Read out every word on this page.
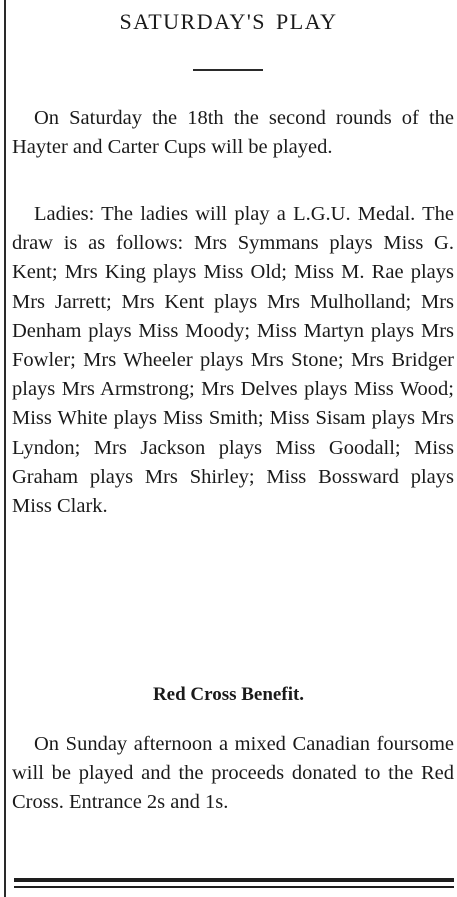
SATURDAY'S PLAY

On Saturday the 18th the second rounds of the Hayter and Carter Cups will be played.

Ladies: The ladies will play a L.G.U. Medal. The draw is as follows: Mrs Symmans plays Miss G. Kent; Mrs King plays Miss Old; Miss M. Rae plays Mrs Jarrett; Mrs Kent plays Mrs Mulholland; Mrs Denham plays Miss Moody; Miss Martyn plays Mrs Fowler; Mrs Wheeler plays Mrs Stone; Mrs Bridger plays Mrs Armstrong; Mrs Delves plays Miss Wood; Miss White plays Miss Smith; Miss Sisam plays Mrs Lyndon; Mrs Jackson plays Miss Goodall; Miss Graham plays Mrs Shirley; Miss Bossward plays Miss Clark.

Red Cross Benefit.

On Sunday afternoon a mixed Canadian foursome will be played and the proceeds donated to the Red Cross. Entrance 2s and 1s.
